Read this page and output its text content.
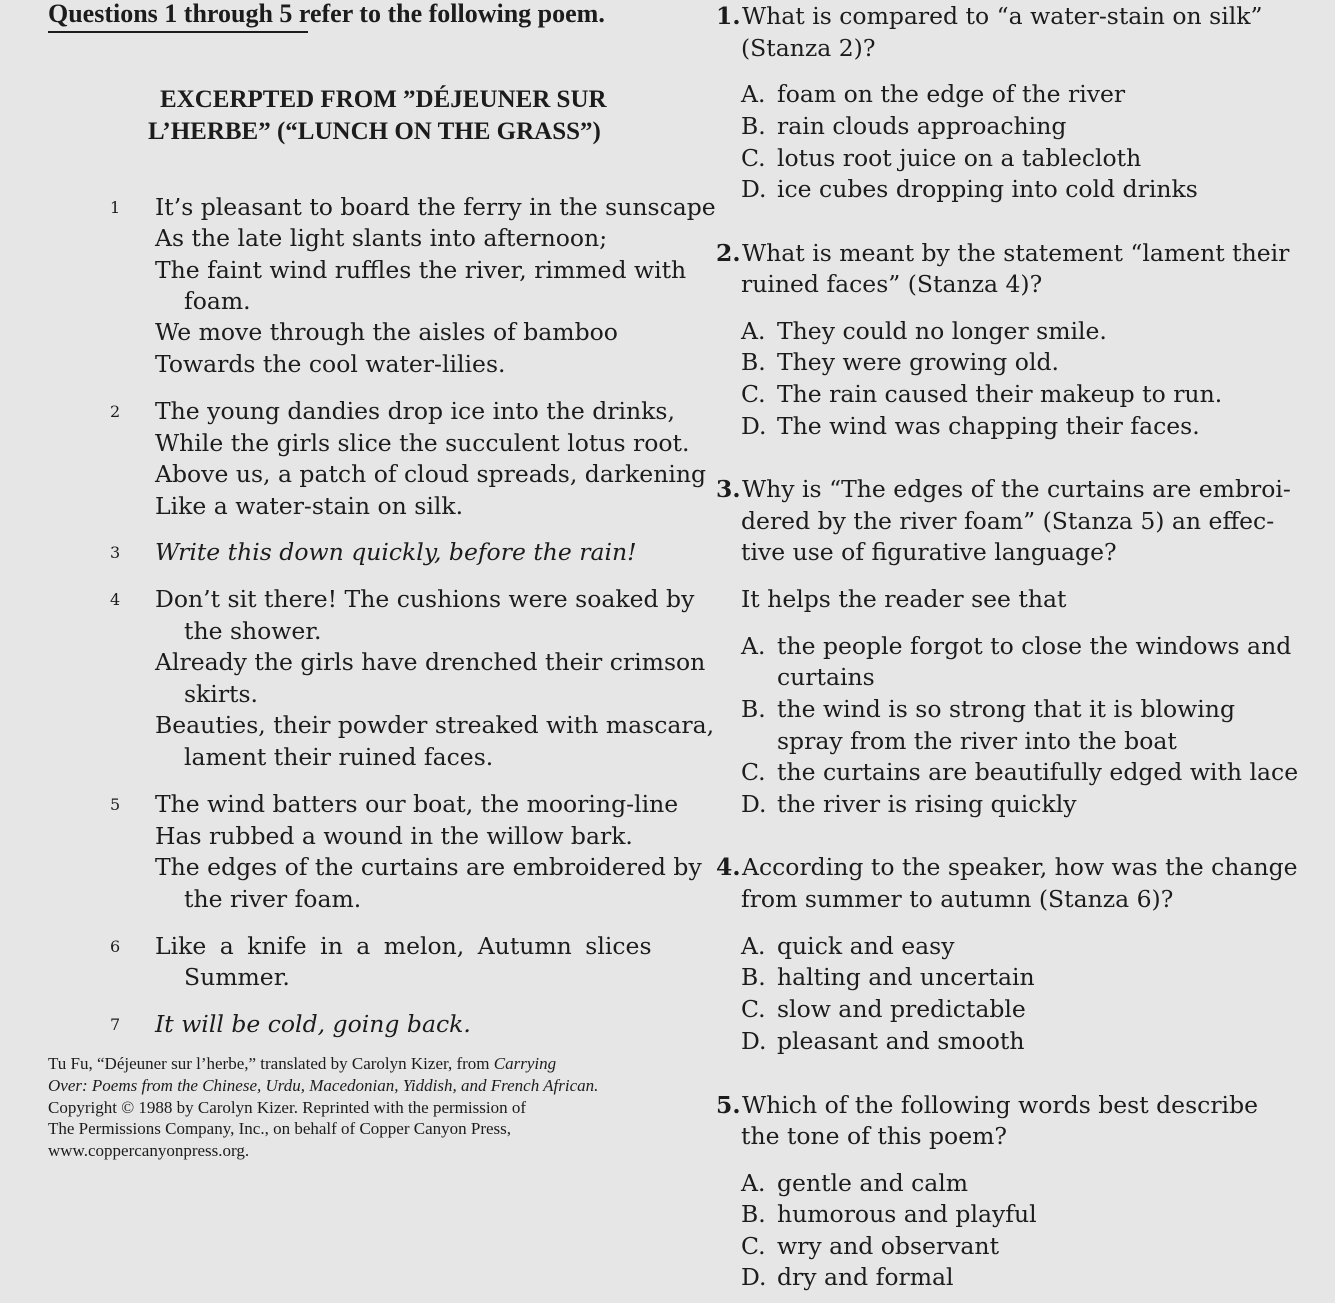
Questions 1 through 5 refer to the following poem.
EXCERPTED FROM ”DÉJEUNER SUR
L’HERBE” (“LUNCH ON THE GRASS”)
1 It’s pleasant to board the ferry in the sunscape
As the late light slants into afternoon;
The faint wind ruffles the river, rimmed with
foam.
We move through the aisles of bamboo
Towards the cool water-lilies.
2 The young dandies drop ice into the drinks,
While the girls slice the succulent lotus root.
Above us, a patch of cloud spreads, darkening
Like a water-stain on silk.
3 Write this down quickly, before the rain!
4 Don’t sit there! The cushions were soaked by
the shower.
Already the girls have drenched their crimson
skirts.
Beauties, their powder streaked with mascara,
lament their ruined faces.
5 The wind batters our boat, the mooring-line
Has rubbed a wound in the willow bark.
The edges of the curtains are embroidered by
the river foam.
6 Like a knife in a melon, Autumn slices
Summer.
7 It will be cold, going back.
Tu Fu, “Déjeuner sur l’herbe,” translated by Carolyn Kizer, from Carrying
Over: Poems from the Chinese, Urdu, Macedonian, Yiddish, and French African.
Copyright © 1988 by Carolyn Kizer. Reprinted with the permission of
The Permissions Company, Inc., on behalf of Copper Canyon Press,
www.coppercanyonpress.org.
1. What is compared to “a water-stain on silk”
(Stanza 2)?
A. foam on the edge of the river
B. rain clouds approaching
C. lotus root juice on a tablecloth
D. ice cubes dropping into cold drinks
2. What is meant by the statement “lament their
ruined faces” (Stanza 4)?
A. They could no longer smile.
B. They were growing old.
C. The rain caused their makeup to run.
D. The wind was chapping their faces.
3. Why is “The edges of the curtains are embroi-
dered by the river foam” (Stanza 5) an effec-
tive use of figurative language?
It helps the reader see that
A. the people forgot to close the windows and
curtains
B. the wind is so strong that it is blowing
spray from the river into the boat
C. the curtains are beautifully edged with lace
D. the river is rising quickly
4. According to the speaker, how was the change
from summer to autumn (Stanza 6)?
A. quick and easy
B. halting and uncertain
C. slow and predictable
D. pleasant and smooth
5. Which of the following words best describe
the tone of this poem?
A. gentle and calm
B. humorous and playful
C. wry and observant
D. dry and formal
